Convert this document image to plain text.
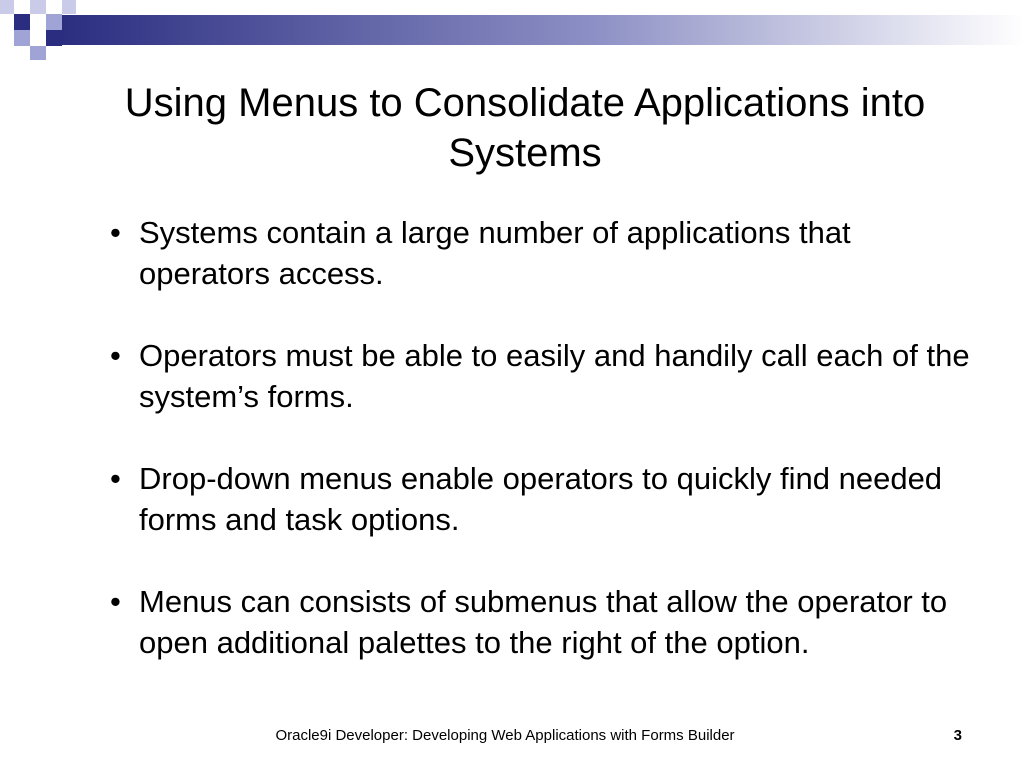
Using Menus to Consolidate Applications into Systems
• Systems contain a large number of applications that operators access.
• Operators must be able to easily and handily call each of the system’s forms.
• Drop-down menus enable operators to quickly find needed forms and task options.
• Menus can consists of submenus that allow the operator to open additional palettes to the right of the option.
Oracle9i Developer: Developing Web Applications with Forms Builder	3
